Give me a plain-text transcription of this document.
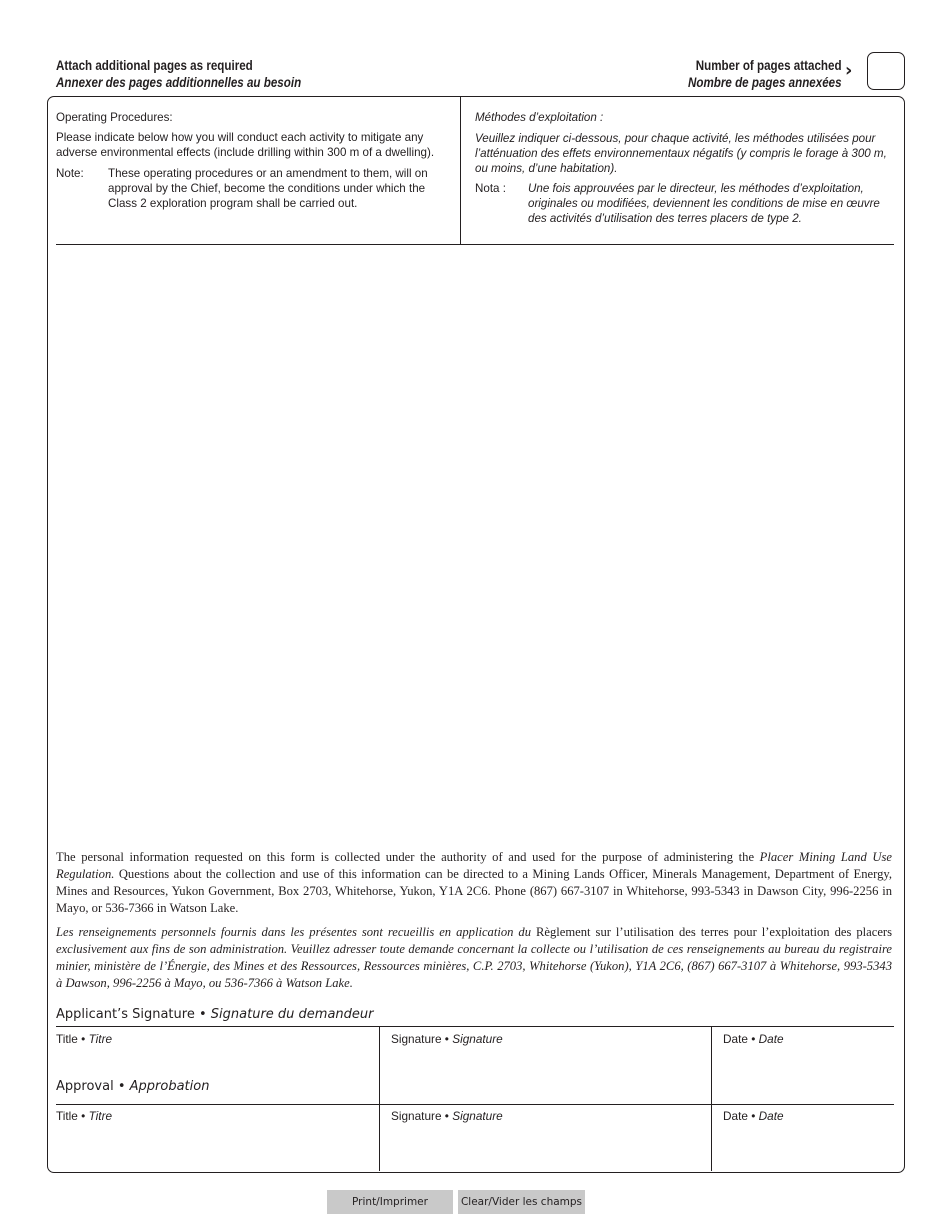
Attach additional pages as required
Annexer des pages additionnelles au besoin
Number of pages attached
Nombre de pages annexées
›
Operating Procedures:
Please indicate below how you will conduct each activity to mitigate any adverse environmental effects (include drilling within 300 m of a dwelling).
Note: These operating procedures or an amendment to them, will on approval by the Chief, become the conditions under which the Class 2 exploration program shall be carried out.
Méthodes d’exploitation :
Veuillez indiquer ci-dessous, pour chaque activité, les méthodes utilisées pour l’atténuation des effets environnementaux négatifs (y compris le forage à 300 m, ou moins, d’une habitation).
Nota : Une fois approuvées par le directeur, les méthodes d’exploitation, originales ou modifiées, deviennent les conditions de mise en œuvre des activités d’utilisation des terres placers de type 2.
The personal information requested on this form is collected under the authority of and used for the purpose of administering the Placer Mining Land Use Regulation. Questions about the collection and use of this information can be directed to a Mining Lands Officer, Minerals Management, Department of Energy, Mines and Resources, Yukon Government, Box 2703, Whitehorse, Yukon, Y1A 2C6. Phone (867) 667-3107 in Whitehorse, 993-5343 in Dawson City, 996-2256 in Mayo, or 536-7366 in Watson Lake.
Les renseignements personnels fournis dans les présentes sont recueillis en application du Règlement sur l’utilisation des terres pour l’exploitation des placers exclusivement aux fins de son administration. Veuillez adresser toute demande concernant la collecte ou l’utilisation de ces renseignements au bureau du registraire minier, ministère de l’Énergie, des Mines et des Ressources, Ressources minières, C.P. 2703, Whitehorse (Yukon), Y1A 2C6, (867) 667-3107 à Whitehorse, 993-5343 à Dawson, 996-2256 à Mayo, ou 536-7366 à Watson Lake.
Applicant’s Signature • Signature du demandeur
Title • Titre	Signature • Signature	Date • Date
Approval • Approbation
Title • Titre	Signature • Signature	Date • Date
Print/Imprimer	Clear/Vider les champs
